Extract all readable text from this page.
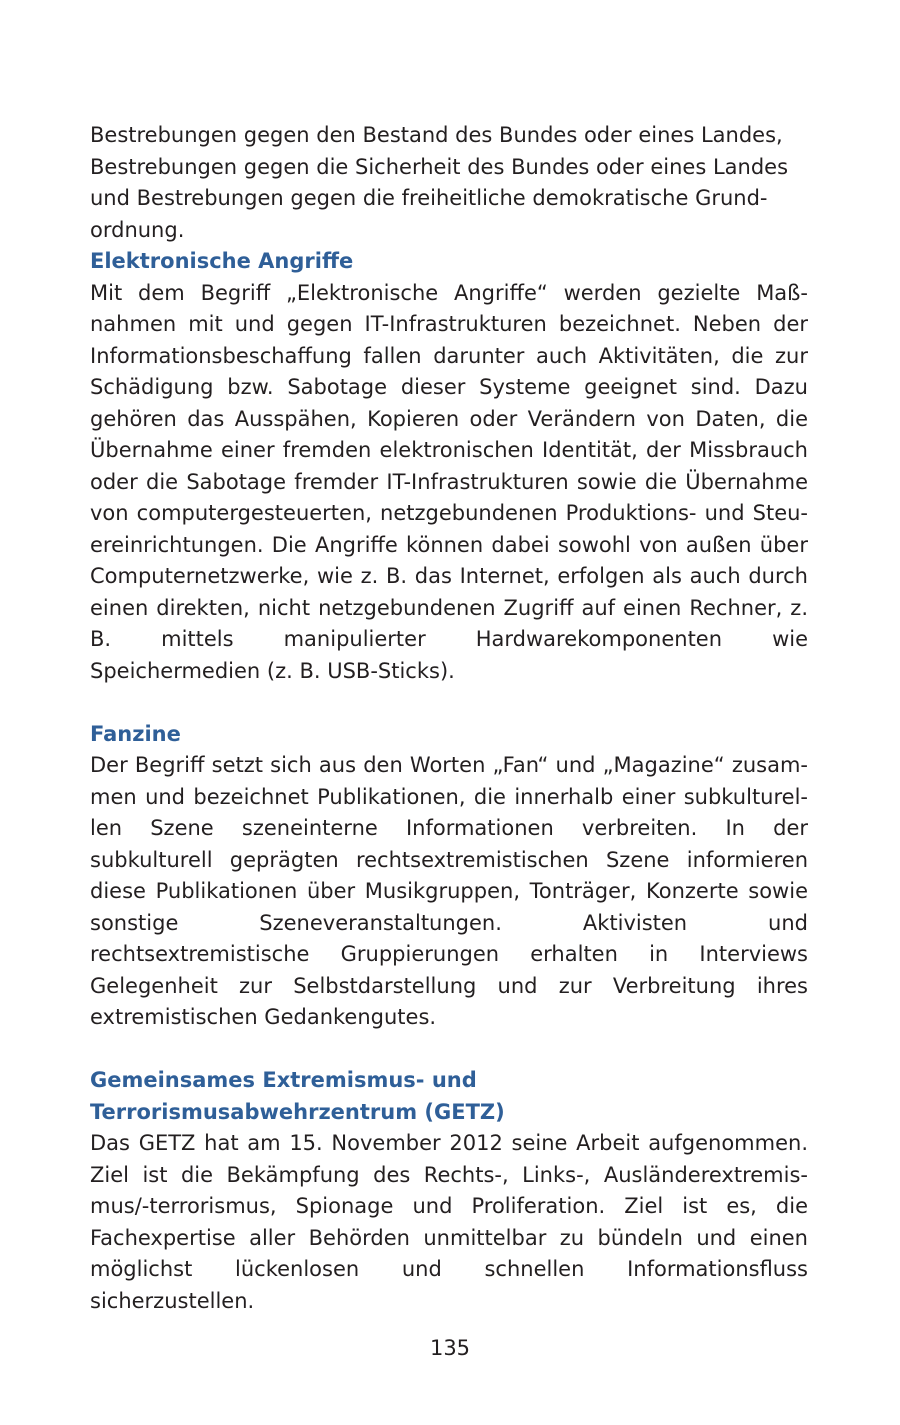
Bestrebungen gegen den Bestand des Bundes oder eines Landes, Bestrebungen gegen die Sicherheit des Bundes oder eines Landes und Bestrebungen gegen die freiheitliche demokratische Grundordnung.

Elektronische Angriffe

Mit dem Begriff „Elektronische Angriffe“ werden gezielte Maßnahmen mit und gegen IT-Infrastrukturen bezeichnet. Neben der Informationsbeschaffung fallen darunter auch Aktivitäten, die zur Schädigung bzw. Sabotage dieser Systeme geeignet sind. Dazu gehören das Ausspähen, Kopieren oder Verändern von Daten, die Übernahme einer fremden elektronischen Identität, der Missbrauch oder die Sabotage fremder IT-Infrastrukturen sowie die Übernahme von computergesteuerten, netzgebundenen Produktions- und Steuereinrichtungen. Die Angriffe können dabei sowohl von außen über Computernetzwerke, wie z. B. das Internet, erfolgen als auch durch einen direkten, nicht netzgebundenen Zugriff auf einen Rechner, z. B. mittels manipulierter Hardwarekomponenten wie Speichermedien (z. B. USB-Sticks).

Fanzine

Der Begriff setzt sich aus den Worten „Fan“ und „Magazine“ zusammen und bezeichnet Publikationen, die innerhalb einer subkulturellen Szene szeneinterne Informationen verbreiten. In der subkulturell geprägten rechtsextremistischen Szene informieren diese Publikationen über Musikgruppen, Tonträger, Konzerte sowie sonstige Szeneveranstaltungen. Aktivisten und rechtsextremistische Gruppierungen erhalten in Interviews Gelegenheit zur Selbstdarstellung und zur Verbreitung ihres extremistischen Gedankengutes.

Gemeinsames Extremismus- und Terrorismusabwehrzentrum (GETZ)

Das GETZ hat am 15. November 2012 seine Arbeit aufgenommen. Ziel ist die Bekämpfung des Rechts-, Links-, Ausländerextremismus/-terrorismus, Spionage und Proliferation. Ziel ist es, die Fachexpertise aller Behörden unmittelbar zu bündeln und einen möglichst lückenlosen und schnellen Informationsfluss sicherzustellen.

135
